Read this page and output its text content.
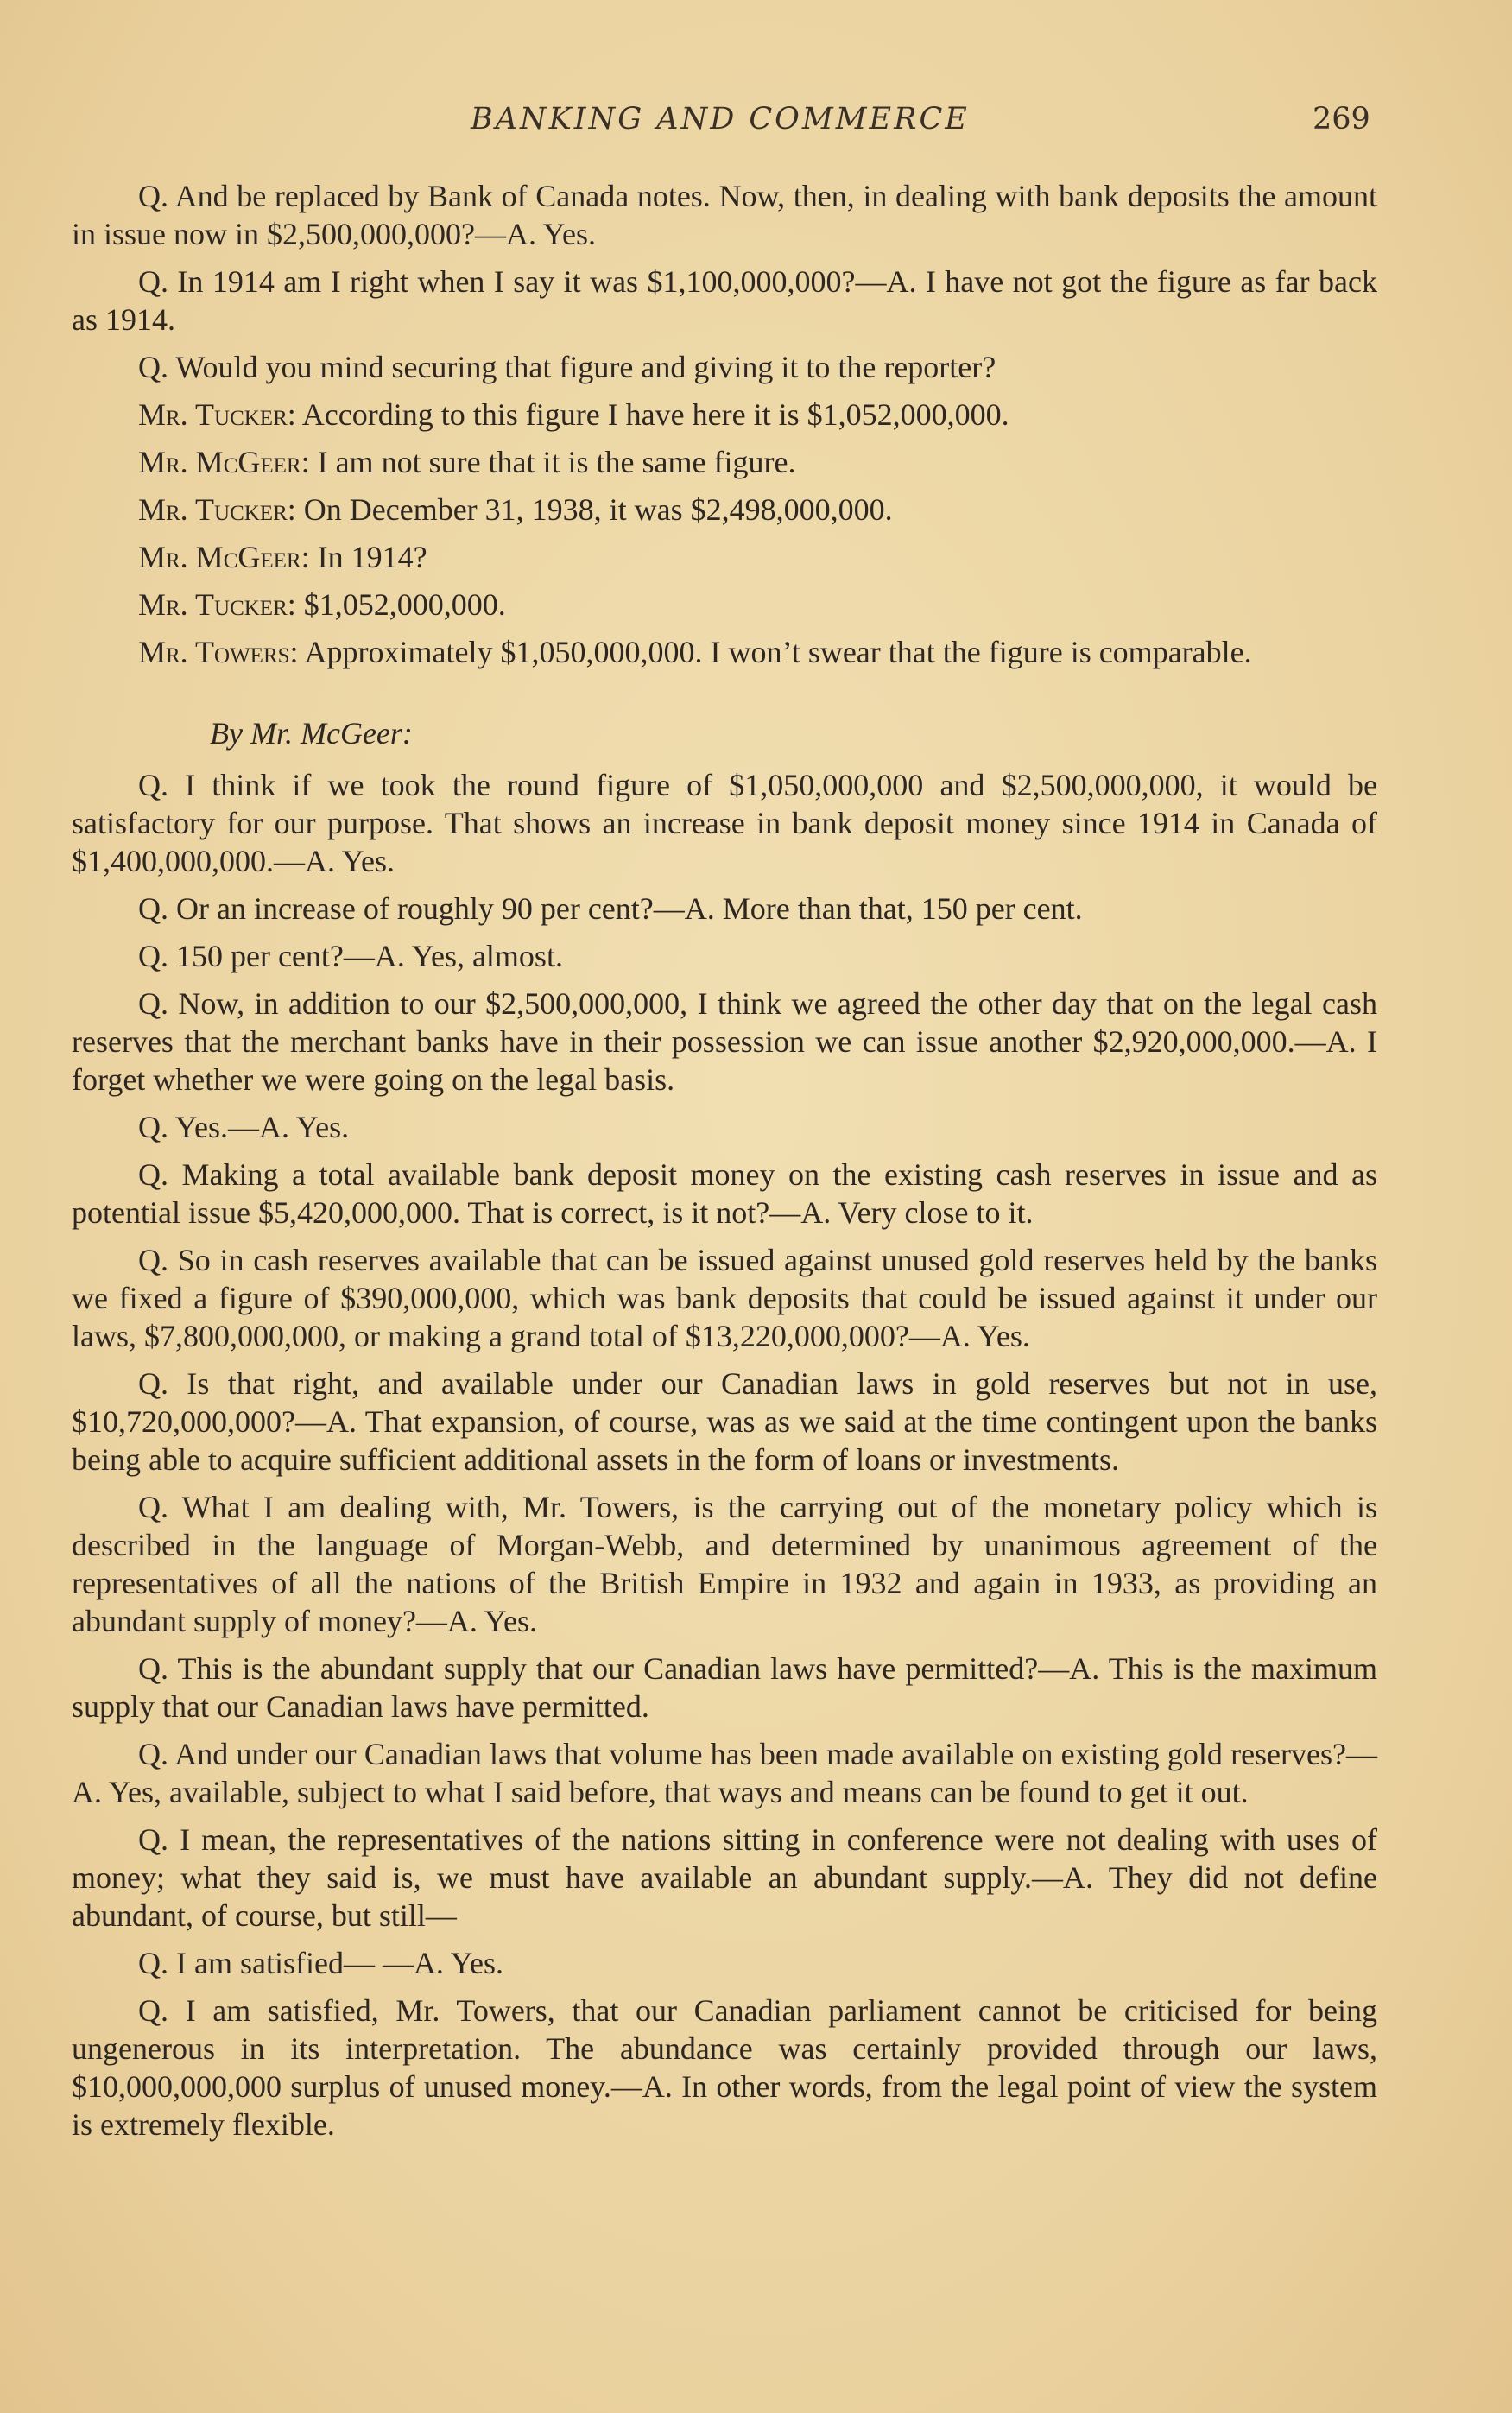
BANKING AND COMMERCE	269

Q. And be replaced by Bank of Canada notes. Now, then, in dealing with bank deposits the amount in issue now in $2,500,000,000?—A. Yes.

Q. In 1914 am I right when I say it was $1,100,000,000?—A. I have not got the figure as far back as 1914.

Q. Would you mind securing that figure and giving it to the reporter?

Mr. Tucker: According to this figure I have here it is $1,052,000,000.

Mr. McGeer: I am not sure that it is the same figure.

Mr. Tucker: On December 31, 1938, it was $2,498,000,000.

Mr. McGeer: In 1914?

Mr. Tucker: $1,052,000,000.

Mr. Towers: Approximately $1,050,000,000. I won’t swear that the figure is comparable.

By Mr. McGeer:

Q. I think if we took the round figure of $1,050,000,000 and $2,500,000,000, it would be satisfactory for our purpose. That shows an increase in bank deposit money since 1914 in Canada of $1,400,000,000.—A. Yes.

Q. Or an increase of roughly 90 per cent?—A. More than that, 150 per cent.

Q. 150 per cent?—A. Yes, almost.

Q. Now, in addition to our $2,500,000,000, I think we agreed the other day that on the legal cash reserves that the merchant banks have in their possession we can issue another $2,920,000,000.—A. I forget whether we were going on the legal basis.

Q. Yes.—A. Yes.

Q. Making a total available bank deposit money on the existing cash reserves in issue and as potential issue $5,420,000,000. That is correct, is it not?—A. Very close to it.

Q. So in cash reserves available that can be issued against unused gold reserves held by the banks we fixed a figure of $390,000,000, which was bank deposits that could be issued against it under our laws, $7,800,000,000, or making a grand total of $13,220,000,000?—A. Yes.

Q. Is that right, and available under our Canadian laws in gold reserves but not in use, $10,720,000,000?—A. That expansion, of course, was as we said at the time contingent upon the banks being able to acquire sufficient additional assets in the form of loans or investments.

Q. What I am dealing with, Mr. Towers, is the carrying out of the monetary policy which is described in the language of Morgan-Webb, and determined by unanimous agreement of the representatives of all the nations of the British Empire in 1932 and again in 1933, as providing an abundant supply of money?—A. Yes.

Q. This is the abundant supply that our Canadian laws have permitted?—A. This is the maximum supply that our Canadian laws have permitted.

Q. And under our Canadian laws that volume has been made available on existing gold reserves?—A. Yes, available, subject to what I said before, that ways and means can be found to get it out.

Q. I mean, the representatives of the nations sitting in conference were not dealing with uses of money; what they said is, we must have available an abundant supply.—A. They did not define abundant, of course, but still—

Q. I am satisfied— —A. Yes.

Q. I am satisfied, Mr. Towers, that our Canadian parliament cannot be criticised for being ungenerous in its interpretation. The abundance was certainly provided through our laws, $10,000,000,000 surplus of unused money.—A. In other words, from the legal point of view the system is extremely flexible.
